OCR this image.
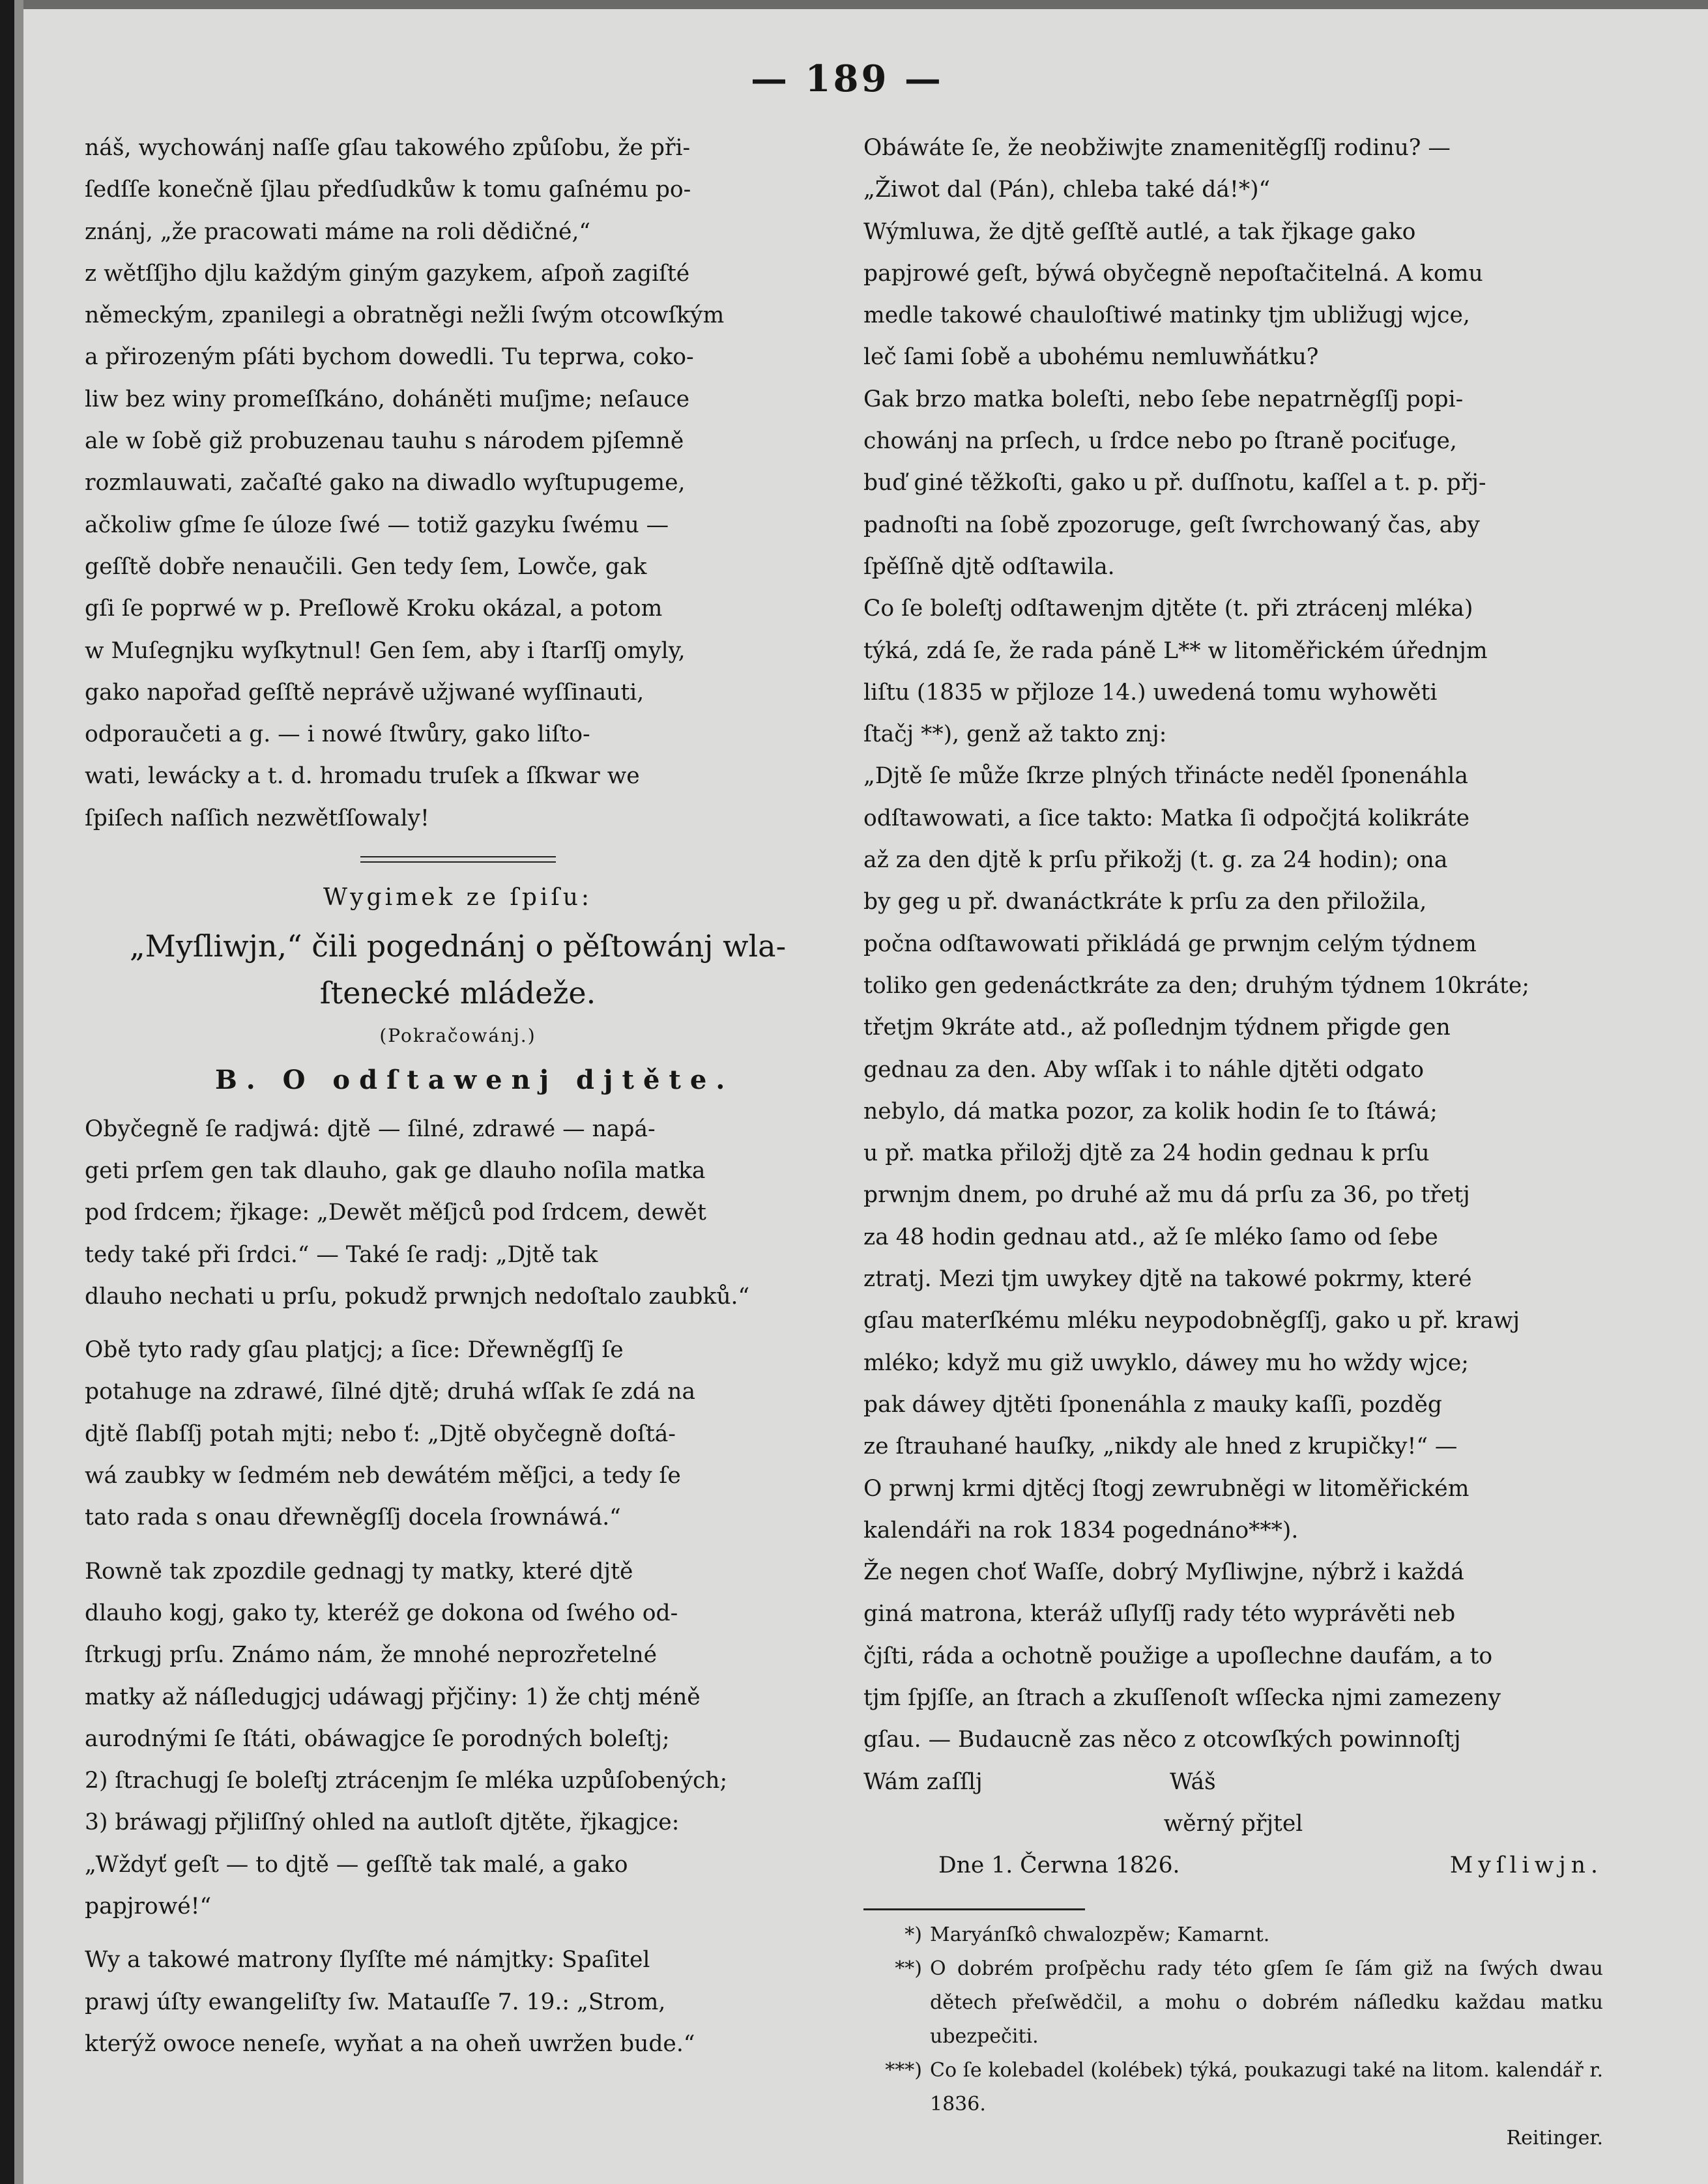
— 189 —

náš, wychowánj naſſe gſau takowého způſobu, že při-
ſedſſe konečně ſjlau předſudkůw k tomu gaſnému po-
znánj, „že pracowati máme na roli dědičné,“
z wětſſjho djlu každým giným gazykem, aſpoň zagiſté
německým, zpanilegi a obratněgi nežli ſwým otcowſkým
a přirozeným pſáti bychom dowedli. Tu teprwa, coko-
liw bez winy promeſſkáno, doháněti muſjme; neſauce
ale w ſobě giž probuzenau tauhu s národem pjſemně
rozmlauwati, začaſté gako na diwadlo wyſtupugeme,
ačkoliw gſme ſe úloze ſwé — totiž gazyku ſwému —
geſſtě dobře nenaučili. Gen tedy ſem, Lowče, gak
gſi ſe poprwé w p. Preſlowě Kroku okázal, a potom
w Muſegnjku wyſkytnul! Gen ſem, aby i ſtarſſj omyly,
gako napořad geſſtě neprávě užjwané wyſſinauti,
odporaučeti a g. — i nowé ſtwůry, gako liſto-
wati, lewácky a t. d. hromadu truſek a ſſkwar we
ſpiſech naſſich nezwětſſowaly!

Wygimek ze ſpiſu:

„Myſliwjn,“ čili pogednánj o pěſtowánj wla-
ſtenecké mládeže.

(Pokračowánj.)

B. O odſtawenj djtěte.

Obyčegně ſe radjwá: djtě — ſilné, zdrawé — napá-
geti prſem gen tak dlauho, gak ge dlauho noſila matka
pod ſrdcem; řjkage: „Dewět měſjců pod ſrdcem, dewět
tedy také při ſrdci.“ — Také ſe radj: „Djtě tak
dlauho nechati u prſu, pokudž prwnjch nedoſtalo zaubků.“

Obě tyto rady gſau platjcj; a ſice: Dřewněgſſj ſe
potahuge na zdrawé, ſilné djtě; druhá wſſak ſe zdá na
djtě ſlabſſj potah mjti; nebo ť: „Djtě obyčegně doſtá-
wá zaubky w ſedmém neb dewátém měſjci, a tedy ſe
tato rada s onau dřewněgſſj docela ſrownáwá.“

Rowně tak zpozdile gednagj ty matky, které djtě
dlauho kogj, gako ty, kteréž ge dokona od ſwého od-
ſtrkugj prſu. Známo nám, že mnohé neprozřetelné
matky až náſledugjcj udáwagj přjčiny: 1) že chtj méně
aurodnými ſe ſtáti, obáwagjce ſe porodných boleſtj;
2) ſtrachugj ſe boleſtj ztrácenjm ſe mléka uzpůſobených;
3) bráwagj přjliſſný ohled na autloſt djtěte, řjkagjce:
„Wždyť geſt — to djtě — geſſtě tak malé, a gako
papjrowé!“

Wy a takowé matrony ſlyſſte mé námjtky: Spaſitel
prawj úſty ewangeliſty ſw. Matauſſe 7. 19.: „Strom,
kterýž owoce neneſe, wyňat a na oheň uwržen bude.“

Obáwáte ſe, že neobžiwjte znamenitěgſſj rodinu? —
„Žiwot dal (Pán), chleba také dá!*)“

Wýmluwa, že djtě geſſtě autlé, a tak řjkage gako
papjrowé geſt, býwá obyčegně nepoſtačitelná. A komu
medle takowé chauloſtiwé matinky tjm ubližugj wjce,
leč ſami ſobě a ubohému nemluwňátku?

Gak brzo matka boleſti, nebo ſebe nepatrněgſſj popi-
chowánj na prſech, u ſrdce nebo po ſtraně pociťuge,
buď giné těžkoſti, gako u př. duſſnotu, kaſſel a t. p. přj-
padnoſti na ſobě zpozoruge, geſt ſwrchowaný čas, aby
ſpěſſně djtě odſtawila.

Co ſe boleſtj odſtawenjm djtěte (t. při ztrácenj mléka)
týká, zdá ſe, že rada páně L** w litoměřickém úřednjm
liſtu (1835 w přjloze 14.) uwedená tomu wyhowěti
ſtačj **), genž až takto znj:

„Djtě ſe může ſkrze plných třinácte neděl ſponenáhla
odſtawowati, a ſice takto: Matka ſi odpočjtá kolikráte
až za den djtě k prſu přikožj (t. g. za 24 hodin); ona
by geg u př. dwanáctkráte k prſu za den přiložila,
počna odſtawowati přikládá ge prwnjm celým týdnem
toliko gen gedenáctkráte za den; druhým týdnem 10kráte;
třetjm 9kráte atd., až poſlednjm týdnem přigde gen
gednau za den. Aby wſſak i to náhle djtěti odgato
nebylo, dá matka pozor, za kolik hodin ſe to ſtáwá;
u př. matka přiložj djtě za 24 hodin gednau k prſu
prwnjm dnem, po druhé až mu dá prſu za 36, po třetj
za 48 hodin gednau atd., až ſe mléko ſamo od ſebe
ztratj. Mezi tjm uwykey djtě na takowé pokrmy, které
gſau materſkému mléku neypodobněgſſj, gako u př. krawj
mléko; když mu giž uwyklo, dáwey mu ho wždy wjce;
pak dáwey djtěti ſponenáhla z mauky kaſſi, pozděg
ze ſtrauhané hauſky, „nikdy ale hned z krupičky!“ —
O prwnj krmi djtěcj ſtogj zewrubněgi w litoměřickém
kalendáři na rok 1834 pogednáno***).

Že negen choť Waſſe, dobrý Myſliwjne, nýbrž i každá
giná matrona, kteráž uſlyſſj rady této wyprávěti neb
čjſti, ráda a ochotně použige a upoſlechne daufám, a to
tjm ſpjſſe, an ſtrach a zkuſſenoſt wſſecka njmi zamezeny
gſau. — Budaucně zas něco z otcowſkých powinnoſtj

Wám zaſſlj	Wáš

wěrný přjtel

Dne 1. Čerwna 1826.	Myſliwjn.
*) Maryánſkô chwalozpěw; Kamarnt.
**) O dobrém proſpěchu rady této gſem ſe ſám giž na ſwých dwau dětech přeſwědčil, a mohu o dobrém náſledku každau matku ubezpečiti.
***) Co ſe kolebadel (kolébek) týká, poukazugi také na litom. kalendář r. 1836.
Reitinger.
